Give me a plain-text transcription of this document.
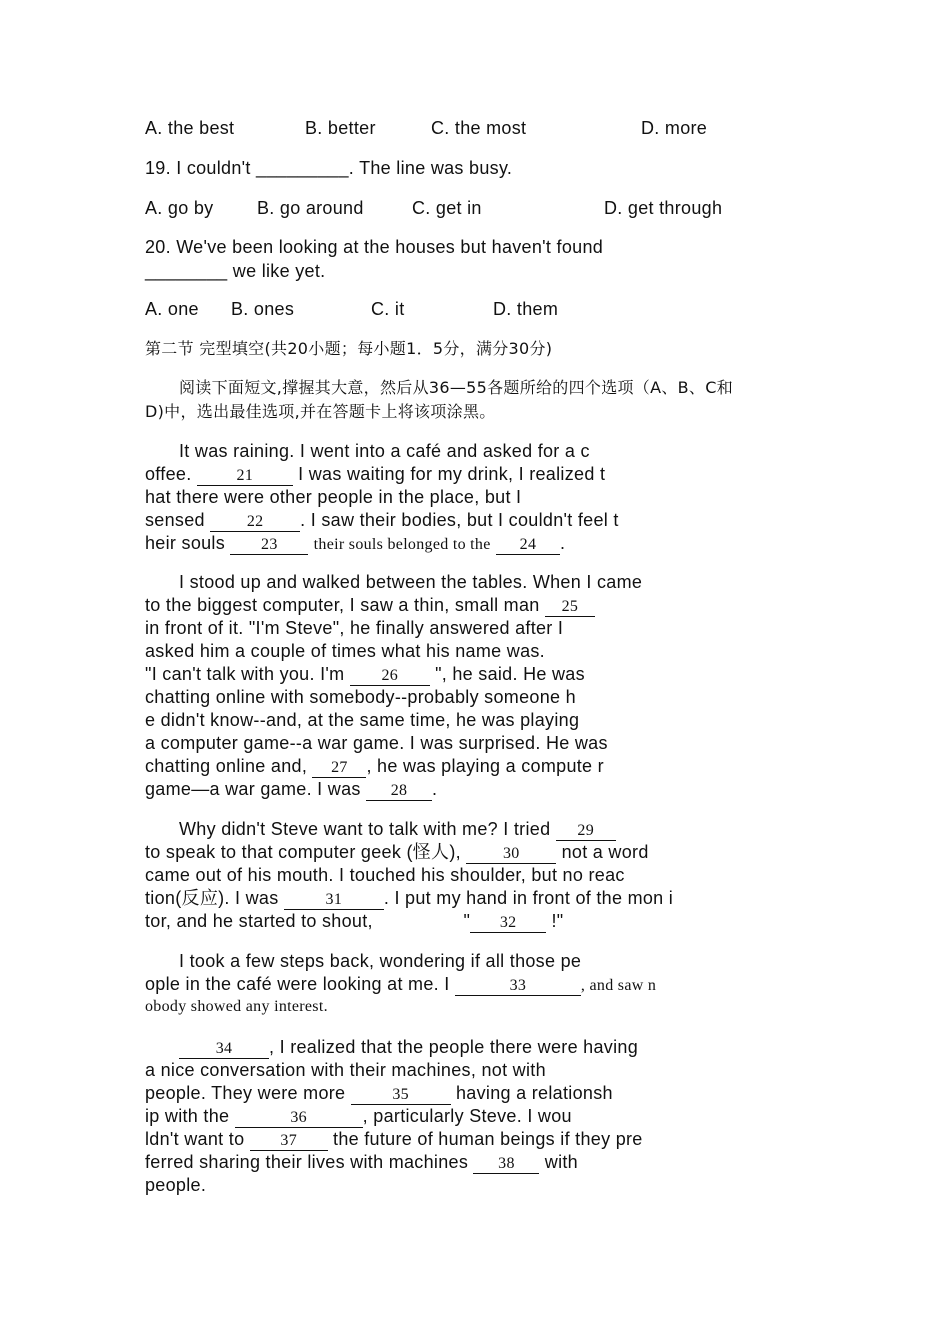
A. the best	B. better	C. the most	D. more
19. I couldn't _________. The line was busy.
A. go by B. go around	C. get in	D. get through
20. We've been looking at the houses but haven't found
________ we like yet.
A. one B. ones	C. it	D. them
第二节 完型填空(共20小题；每小题1．5分，满分30分)
阅读下面短文,撑握其大意，然后从36—55各题所给的四个选项（A、B、C和
D)中，选出最佳选项,并在答题卡上将该项涂黑。
It was raining. I went into a café and asked for a c
offee.	21	I was waiting for my drink, I realized t
hat there were other people in the place, but I
sensed	22 . I saw their bodies, but I couldn't feel t
heir souls 23 their souls belonged to the 24 .
I stood up and walked between the tables. When I came
to the biggest computer, I saw a thin, small man 25
in front of it. "I'm Steve", he finally answered after I
asked him a couple of times what his name was.
"I can't talk with you. I'm 26 ", he said. He was
chatting online with somebody--probably someone h
e didn't know--and, at the same time, he was playing
a computer game--a war game. I was surprised. He was
chatting online and, 27 , he was playing a compute r
game—a war game. I was 28 .
Why didn't Steve want to talk with me? I tried 29
to speak to that computer geek (怪人),	30 not a word
came out of his mouth. I touched his shoulder, but no reac
tion(反应). I was	31 . I put my hand in front of the mon i
tor, and he started to shout,	" 32 !"
I took a few steps back, wondering if all those pe
ople in the café were looking at me. I	33	, and saw n
obody showed any interest.
34 , I realized that the people there were having
a nice conversation with their machines, not with
people. They were more	35	having a relationsh
ip with the	36	, particularly Steve. I wou
ldn't want to 37 the future of human beings if they pre
ferred sharing their lives with machines 38 with
people.
